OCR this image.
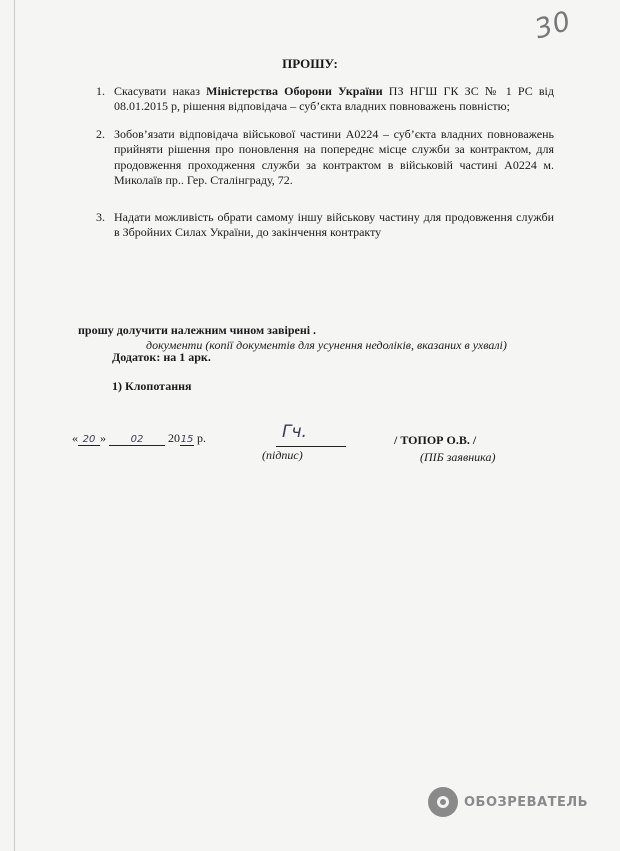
30
ПРОШУ:
1. Скасувати наказ Міністерства Оборони України ПЗ НГШ ГК ЗС № 1 РС від 08.01.2015 р, рішення відповідача – суб’єкта владних повноважень повністю;
2. Зобов’язати відповідача військової частини А0224 – суб’єкта владних повноважень прийняти рішення про поновлення на попереднє місце служби за контрактом, для продовження проходження служби за контрактом в військовій частині А0224 м. Миколаїв пр.. Гер. Сталінграду, 72.
3. Надати можливість обрати самому іншу військову частину для продовження служби в Збройних Силах України, до закінчення контракту
прошу долучити належним чином завірені .
документи (копії документів для усунення недоліків, вказаних в ухвалі)
Додаток: на 1 арк.
1) Клопотання
« 20 » 02 2015 р.	Гч.
(підпис)
/ ТОПОР О.В. /
(ПІБ заявника)
ОБОЗРЕВАТЕЛЬ
